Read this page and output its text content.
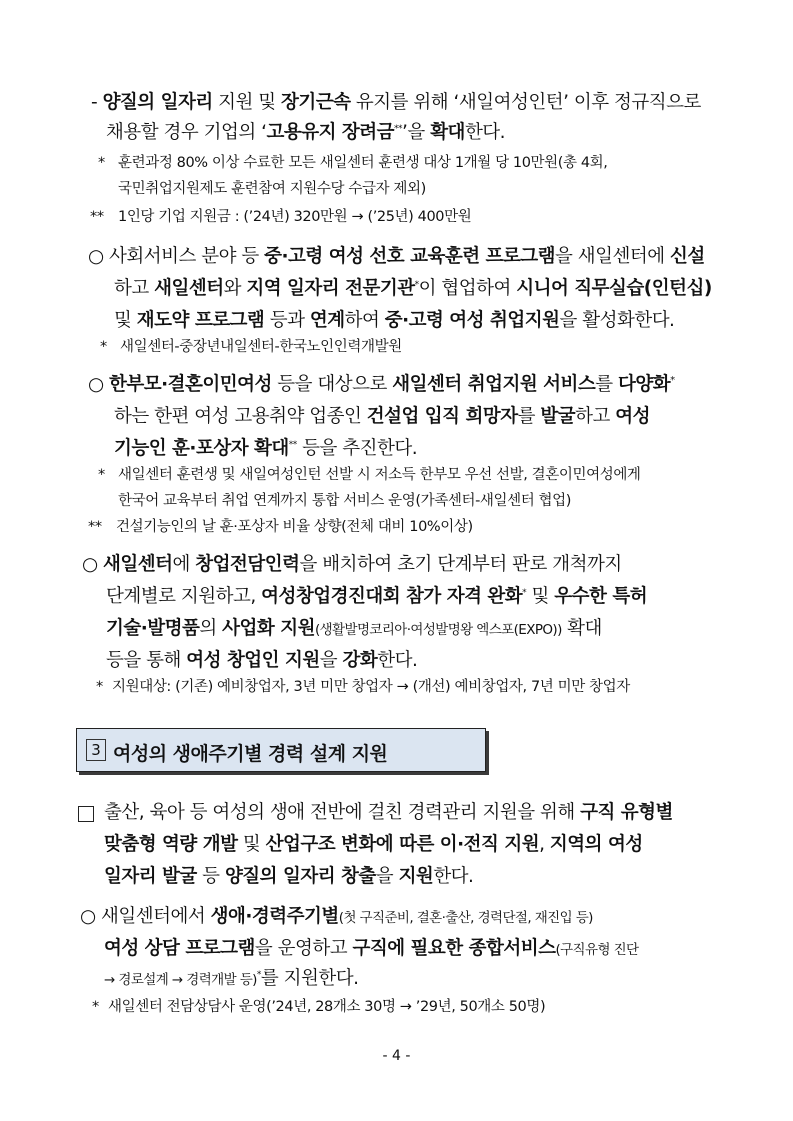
- 양질의 일자리 지원 및 장기근속 유지를 위해 ‘새일여성인턴’ 이후 정규직으로
채용할 경우 기업의 ‘고용유지 장려금**’을 확대한다.
* 훈련과정 80% 이상 수료한 모든 새일센터 훈련생 대상 1개월 당 10만원(총 4회,
국민취업지원제도 훈련참여 지원수당 수급자 제외)
** 1인당 기업 지원금 : (’24년) 320만원 → (’25년) 400만원
○ 사회서비스 분야 등 중·고령 여성 선호 교육훈련 프로그램을 새일센터에 신설
하고 새일센터와 지역 일자리 전문기관*이 협업하여 시니어 직무실습(인턴십)
및 재도약 프로그램 등과 연계하여 중·고령 여성 취업지원을 활성화한다.
* 새일센터-중장년내일센터-한국노인인력개발원
○ 한부모·결혼이민여성 등을 대상으로 새일센터 취업지원 서비스를 다양화*
하는 한편 여성 고용취약 업종인 건설업 입직 희망자를 발굴하고 여성
기능인 훈·포상자 확대** 등을 추진한다.
* 새일센터 훈련생 및 새일여성인턴 선발 시 저소득 한부모 우선 선발, 결혼이민여성에게
한국어 교육부터 취업 연계까지 통합 서비스 운영(가족센터-새일센터 협업)
** 건설기능인의 날 훈·포상자 비율 상향(전체 대비 10%이상)
○ 새일센터에 창업전담인력을 배치하여 초기 단계부터 판로 개척까지
단계별로 지원하고, 여성창업경진대회 참가 자격 완화* 및 우수한 특허
기술·발명품의 사업화 지원(생활발명코리아·여성발명왕 엑스포(EXPO)) 확대
등을 통해 여성 창업인 지원을 강화한다.
* 지원대상: (기존) 예비창업자, 3년 미만 창업자 → (개선) 예비창업자, 7년 미만 창업자
3 여성의 생애주기별 경력 설계 지원
출산, 육아 등 여성의 생애 전반에 걸친 경력관리 지원을 위해 구직 유형별
맞춤형 역량 개발 및 산업구조 변화에 따른 이·전직 지원, 지역의 여성
일자리 발굴 등 양질의 일자리 창출을 지원한다.
○ 새일센터에서 생애·경력주기별(첫 구직준비, 결혼·출산, 경력단절, 재진입 등)
여성 상담 프로그램을 운영하고 구직에 필요한 종합서비스(구직유형 진단
→ 경로설계 → 경력개발 등)*를 지원한다.
* 새일센터 전담상담사 운영(’24년, 28개소 30명 → ’29년, 50개소 50명)
- 4 -
